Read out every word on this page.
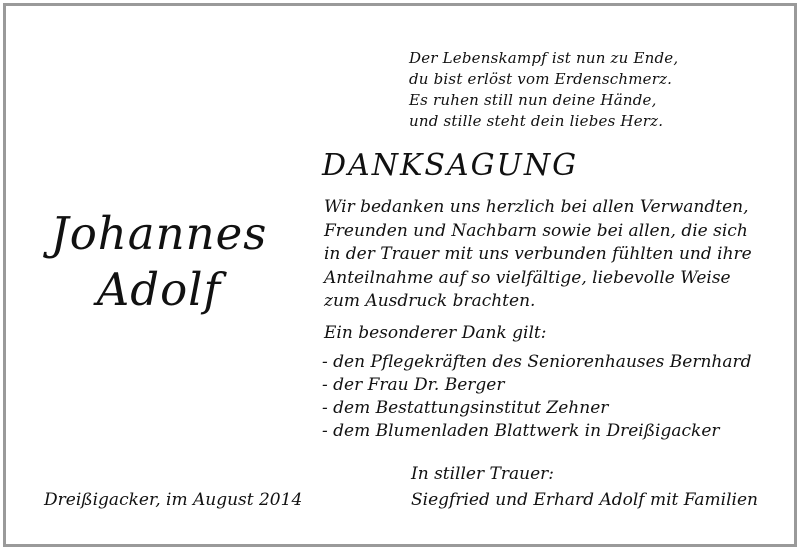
Der Lebenskampf ist nun zu Ende,
du bist erlöst vom Erdenschmerz.
Es ruhen still nun deine Hände,
und stille steht dein liebes Herz.
DANKSAGUNG
Johannes
Adolf
Wir bedanken uns herzlich bei allen Verwandten,
Freunden und Nachbarn sowie bei allen, die sich
in der Trauer mit uns verbunden fühlten und ihre
Anteilnahme auf so vielfältige, liebevolle Weise
zum Ausdruck brachten.
Ein besonderer Dank gilt:
- den Pflegekräften des Seniorenhauses Bernhard
- der Frau Dr. Berger
- dem Bestattungsinstitut Zehner
- dem Blumenladen Blattwerk in Dreißigacker
In stiller Trauer:
Dreißigacker, im August 2014	Siegfried und Erhard Adolf mit Familien
